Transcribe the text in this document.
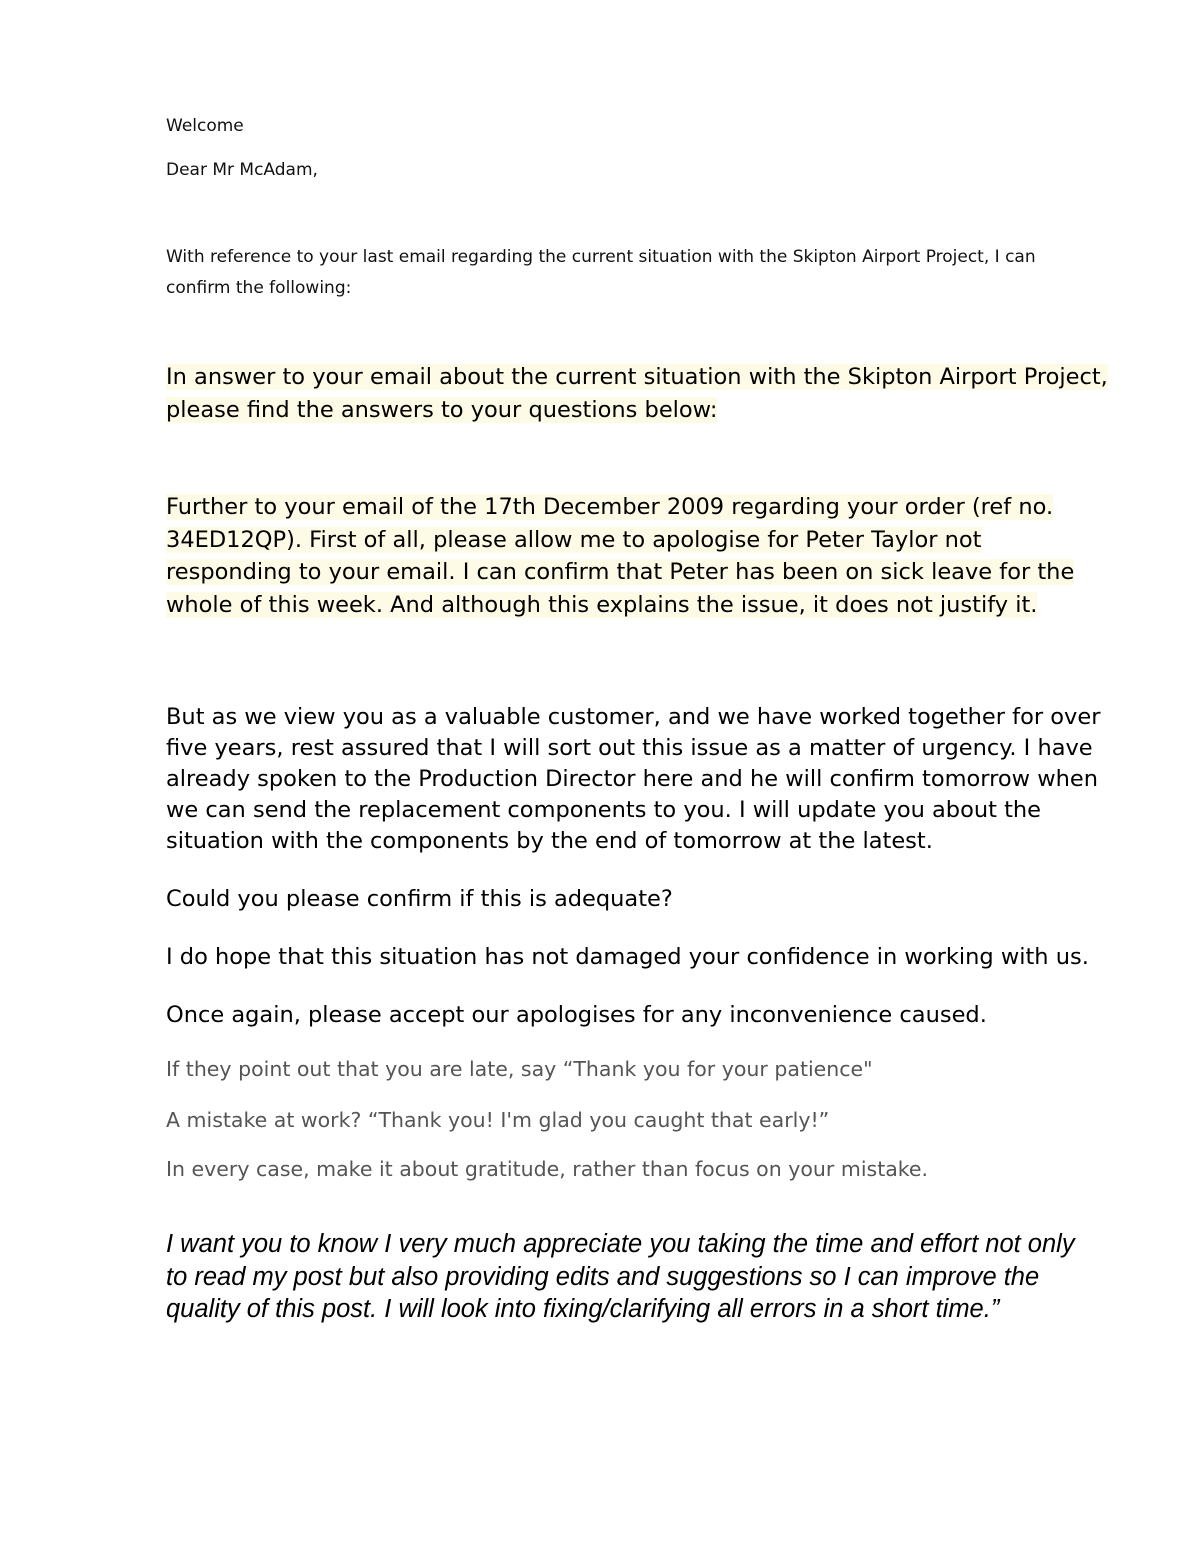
Welcome

Dear Mr McAdam,

With reference to your last email regarding the current situation with the Skipton Airport Project, I can
confirm the following:
In answer to your email about the current situation with the Skipton Airport Project,
please find the answers to your questions below:
Further to your email of the 17th December 2009 regarding your order (ref no.
34ED12QP). First of all, please allow me to apologise for Peter Taylor not
responding to your email. I can confirm that Peter has been on sick leave for the
whole of this week. And although this explains the issue, it does not justify it.
But as we view you as a valuable customer, and we have worked together for over
five years, rest assured that I will sort out this issue as a matter of urgency. I have
already spoken to the Production Director here and he will confirm tomorrow when
we can send the replacement components to you. I will update you about the
situation with the components by the end of tomorrow at the latest.

Could you please confirm if this is adequate?

I do hope that this situation has not damaged your confidence in working with us.

Once again, please accept our apologises for any inconvenience caused.

If they point out that you are late, say “Thank you for your patience"

A mistake at work? “Thank you! I'm glad you caught that early!”

In every case, make it about gratitude, rather than focus on your mistake.

I want you to know I very much appreciate you taking the time and effort not only
to read my post but also providing edits and suggestions so I can improve the
quality of this post. I will look into fixing/clarifying all errors in a short time.”
